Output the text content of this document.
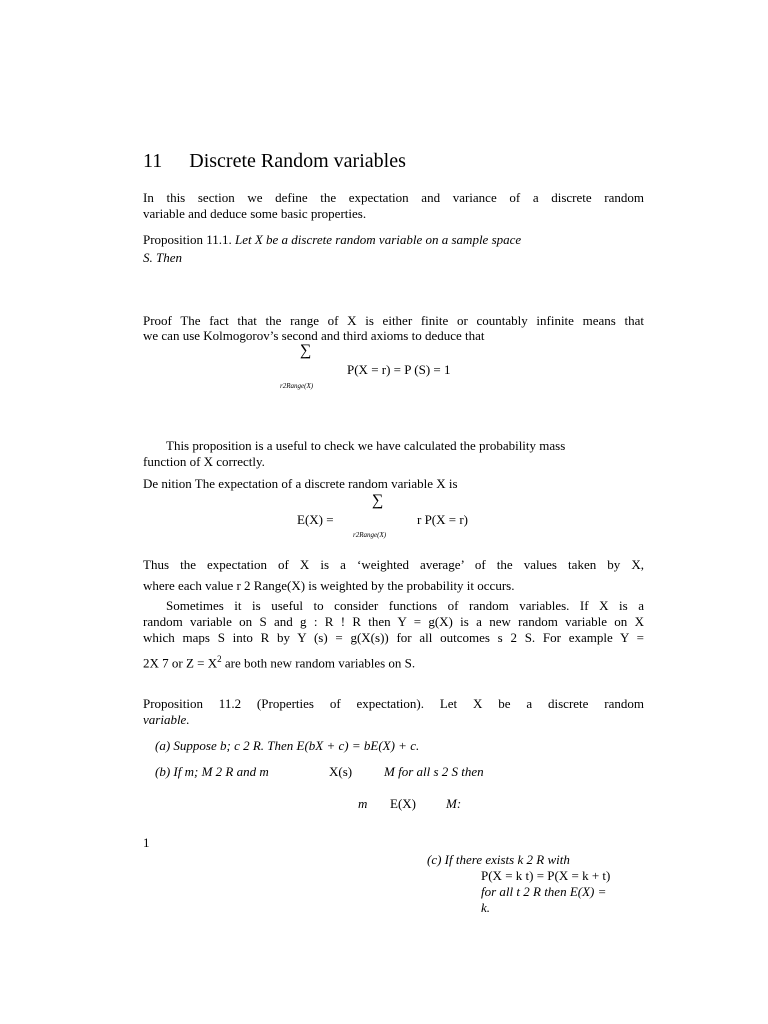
11 Discrete Random variables
In this section we define the expectation and variance of a discrete random
variable and deduce some basic properties.
Proposition 11.1. Let X be a discrete random variable on a sample space
S. Then
Proof The fact that the range of X is either finite or countably infinite means that
we can use Kolmogorov’s second and third axioms to deduce that
∑
P(X = r) = P (S) = 1
r2Range(X)
This proposition is a useful to check we have calculated the probability mass
function of X correctly.
De nition The expectation of a discrete random variable X is
∑
E(X) =	r P(X = r)
r2Range(X)
Thus the expectation of X is a ‘weighted average’ of the values taken by X,
where each value r 2 Range(X) is weighted by the probability it occurs.
Sometimes it is useful to consider functions of random variables. If X is a
random variable on S and g : R ! R then Y = g(X) is a new random variable on X
which maps S into R by Y (s) = g(X(s)) for all outcomes s 2 S. For example Y =
2X 7 or $Z = X^2$ are both new random variables on S.
Proposition 11.2 (Properties of expectation). Let X be a discrete random
variable.
(a) Suppose b; c 2 R. Then E(bX + c) = bE(X) + c.
(b) If m; M 2 R and m	X(s) M for all s 2 S then
m E(X) M:
1
(c) If there exists k 2 R with
P(X = k t) = P(X = k + t)
for all t 2 R then E(X) =
k.
